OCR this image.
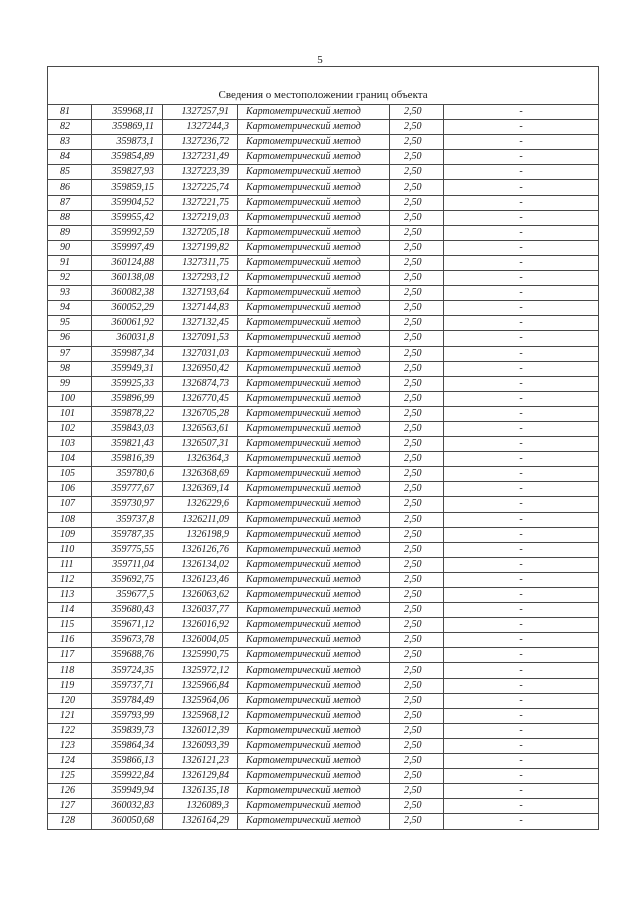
5
Сведения о местоположении границ объекта					
81	359968,11	1327257,91	Картометрический метод	2,50	-
82	359869,11	1327244,3	Картометрический метод	2,50	-
83	359873,1	1327236,72	Картометрический метод	2,50	-
84	359854,89	1327231,49	Картометрический метод	2,50	-
85	359827,93	1327223,39	Картометрический метод	2,50	-
86	359859,15	1327225,74	Картометрический метод	2,50	-
87	359904,52	1327221,75	Картометрический метод	2,50	-
88	359955,42	1327219,03	Картометрический метод	2,50	-
89	359992,59	1327205,18	Картометрический метод	2,50	-
90	359997,49	1327199,82	Картометрический метод	2,50	-
91	360124,88	1327311,75	Картометрический метод	2,50	-
92	360138,08	1327293,12	Картометрический метод	2,50	-
93	360082,38	1327193,64	Картометрический метод	2,50	-
94	360052,29	1327144,83	Картометрический метод	2,50	-
95	360061,92	1327132,45	Картометрический метод	2,50	-
96	360031,8	1327091,53	Картометрический метод	2,50	-
97	359987,34	1327031,03	Картометрический метод	2,50	-
98	359949,31	1326950,42	Картометрический метод	2,50	-
99	359925,33	1326874,73	Картометрический метод	2,50	-
100	359896,99	1326770,45	Картометрический метод	2,50	-
101	359878,22	1326705,28	Картометрический метод	2,50	-
102	359843,03	1326563,61	Картометрический метод	2,50	-
103	359821,43	1326507,31	Картометрический метод	2,50	-
104	359816,39	1326364,3	Картометрический метод	2,50	-
105	359780,6	1326368,69	Картометрический метод	2,50	-
106	359777,67	1326369,14	Картометрический метод	2,50	-
107	359730,97	1326229,6	Картометрический метод	2,50	-
108	359737,8	1326211,09	Картометрический метод	2,50	-
109	359787,35	1326198,9	Картометрический метод	2,50	-
110	359775,55	1326126,76	Картометрический метод	2,50	-
111	359711,04	1326134,02	Картометрический метод	2,50	-
112	359692,75	1326123,46	Картометрический метод	2,50	-
113	359677,5	1326063,62	Картометрический метод	2,50	-
114	359680,43	1326037,77	Картометрический метод	2,50	-
115	359671,12	1326016,92	Картометрический метод	2,50	-
116	359673,78	1326004,05	Картометрический метод	2,50	-
117	359688,76	1325990,75	Картометрический метод	2,50	-
118	359724,35	1325972,12	Картометрический метод	2,50	-
119	359737,71	1325966,84	Картометрический метод	2,50	-
120	359784,49	1325964,06	Картометрический метод	2,50	-
121	359793,99	1325968,12	Картометрический метод	2,50	-
122	359839,73	1326012,39	Картометрический метод	2,50	-
123	359864,34	1326093,39	Картометрический метод	2,50	-
124	359866,13	1326121,23	Картометрический метод	2,50	-
125	359922,84	1326129,84	Картометрический метод	2,50	-
126	359949,94	1326135,18	Картометрический метод	2,50	-
127	360032,83	1326089,3	Картометрический метод	2,50	-
128	360050,68	1326164,29	Картометрический метод	2,50	-
